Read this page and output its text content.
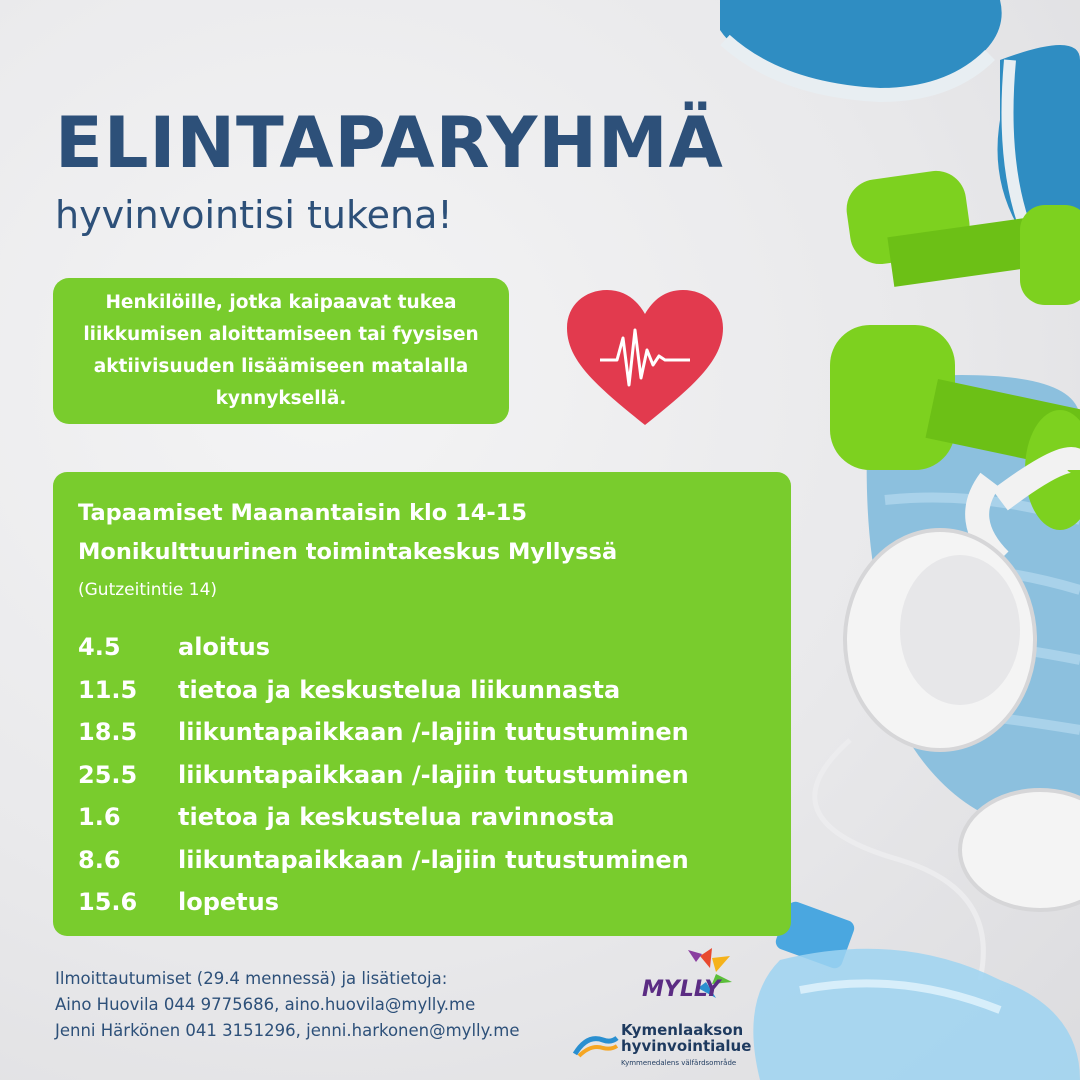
ELINTAPARYHMÄ
hyvinvointisi tukena!
Henkilöille, jotka kaipaavat tukea liikkumisen aloittamiseen tai fyysisen aktiivisuuden lisäämiseen matalalla kynnyksellä.
Tapaamiset Maanantaisin klo 14-15
Monikulttuurinen toimintakeskus Myllyssä
(Gutzeitintie 14)
4.5 aloitus
11.5 tietoa ja keskustelua liikunnasta
18.5 liikuntapaikkaan /-lajiin tutustuminen
25.5 liikuntapaikkaan /-lajiin tutustuminen
1.6 tietoa ja keskustelua ravinnosta
8.6 liikuntapaikkaan /-lajiin tutustuminen
15.6 lopetus
Ilmoittautumiset (29.4 mennessä) ja lisätietoja:
Aino Huovila 044 9775686, aino.huovila@mylly.me
Jenni Härkönen 041 3151296, jenni.harkonen@mylly.me
MYLLY
Kymenlaakson
hyvinvointialue
Kymmenedalens välfärdsområde
